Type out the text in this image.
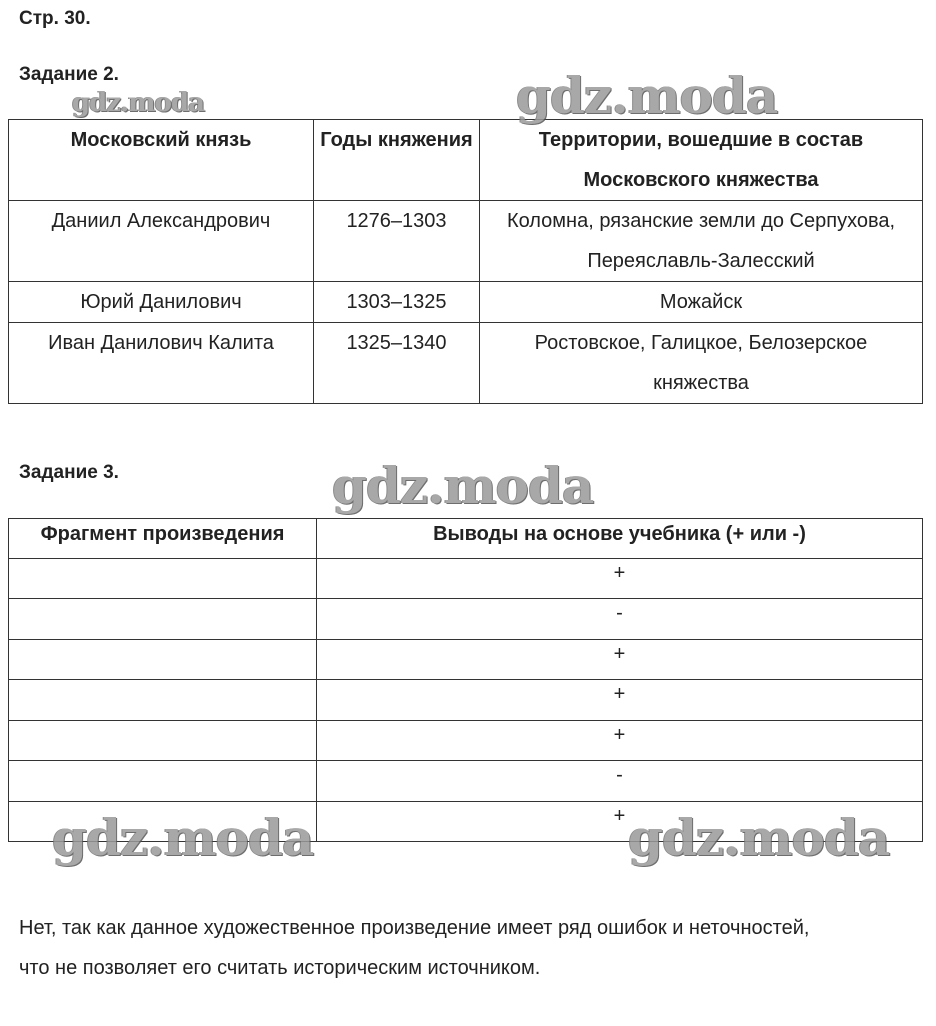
Стр. 30.
Задание 2.
Московский князь	Годы княжения	Территории, вошедшие в состав Московского княжества
Даниил Александрович	1276–1303	Коломна, рязанские земли до Серпухова, Переяславль-Залесский
Юрий Данилович	1303–1325	Можайск
Иван Данилович Калита	1325–1340	Ростовское, Галицкое, Белозерское княжества
Задание 3.
Фрагмент произведения	Выводы на основе учебника (+ или -)
	+
	-
	+
	+
	+
	-
	+

Нет, так как данное художественное произведение имеет ряд ошибок и неточностей, что не позволяет его считать историческим источником.

gdz.moda	gdz.moda
gdz.moda
gdz.moda	gdz.moda
